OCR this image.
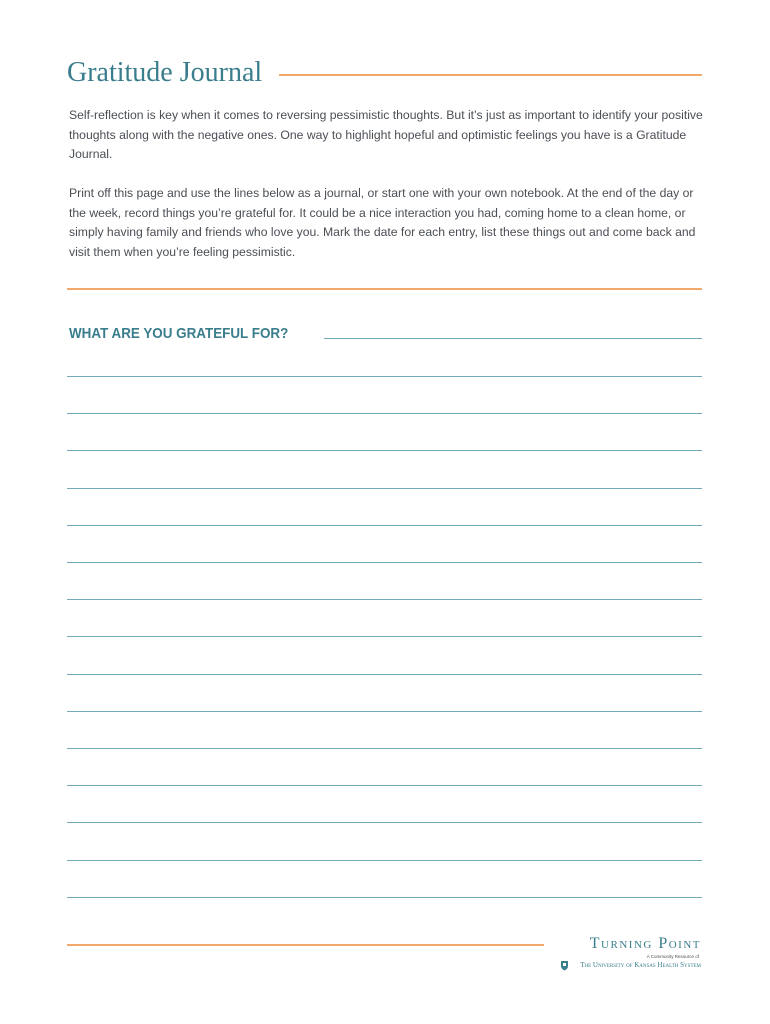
Gratitude Journal

Self-reflection is key when it comes to reversing pessimistic thoughts. But it’s just as important to identify your positive thoughts along with the negative ones. One way to highlight hopeful and optimistic feelings you have is a Gratitude Journal.

Print off this page and use the lines below as a journal, or start one with your own notebook. At the end of the day or the week, record things you’re grateful for. It could be a nice interaction you had, coming home to a clean home, or simply having family and friends who love you. Mark the date for each entry, list these things out and come back and visit them when you’re feeling pessimistic.

WHAT ARE YOU GRATEFUL FOR?

Turning Point

A Community Resource of

The University of Kansas Health System
